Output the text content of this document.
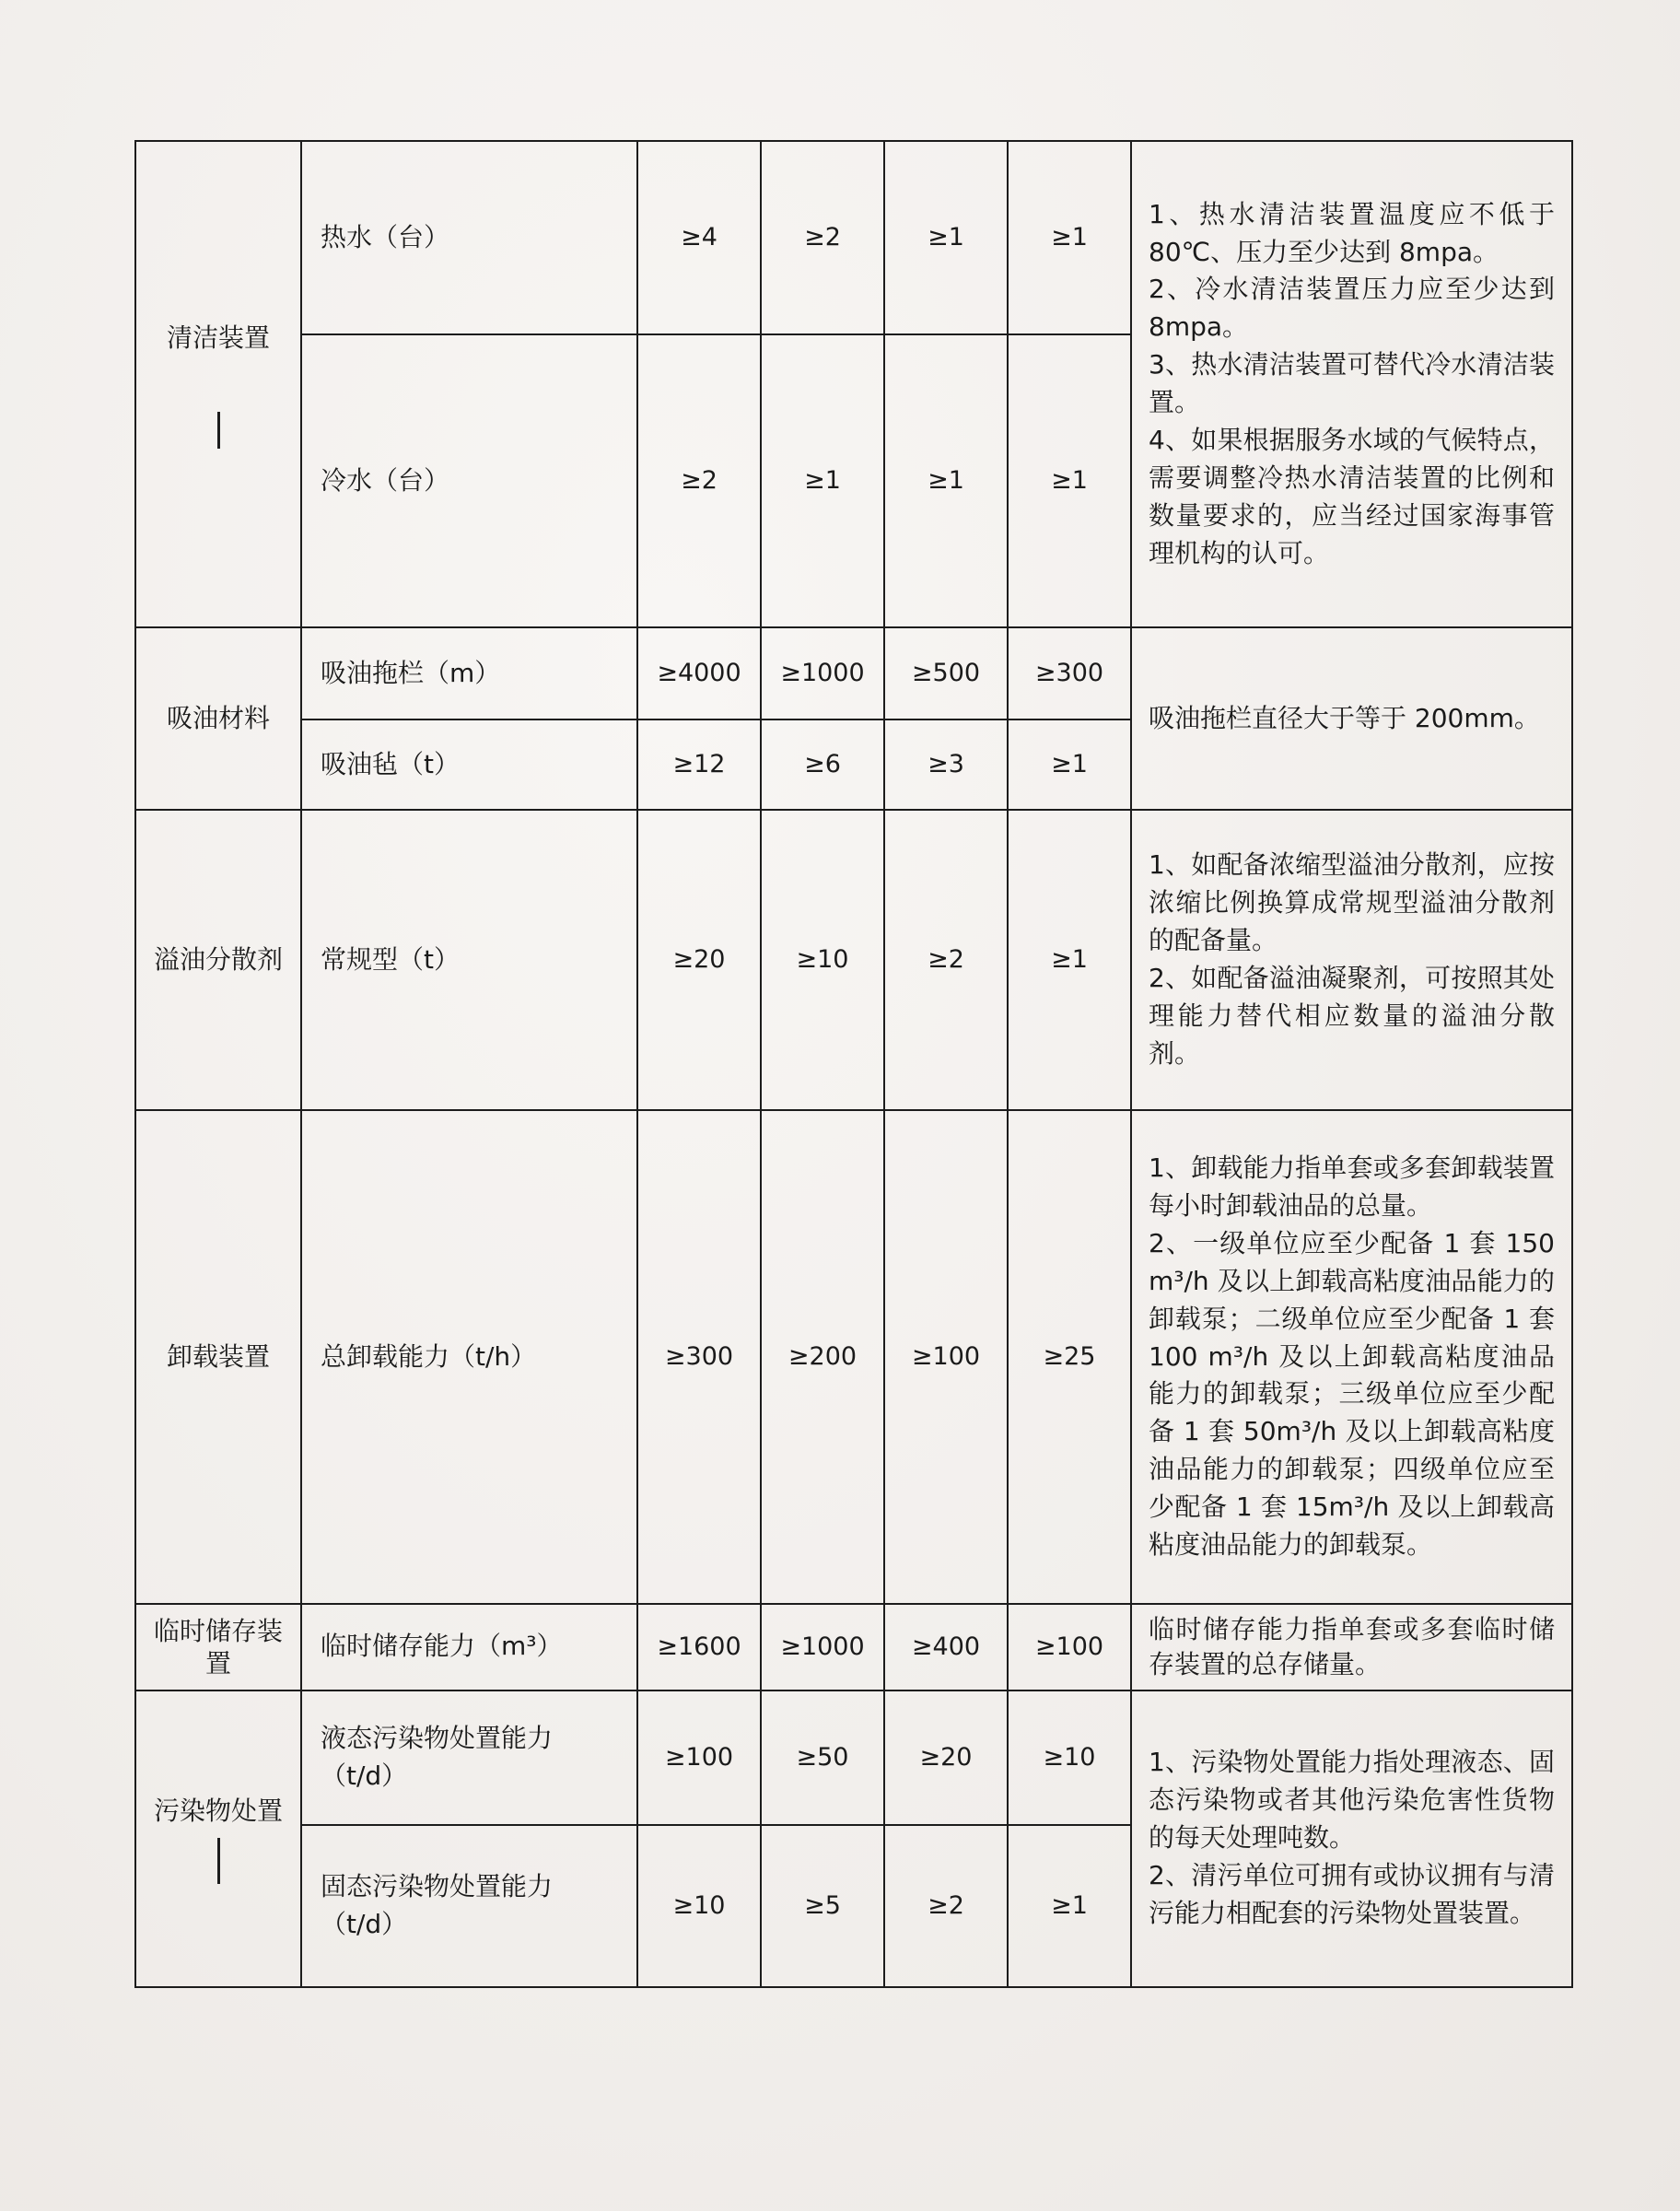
清洁装置	热水（台）	≥4	≥2	≥1	≥1	1、热水清洁装置温度应不低于80℃、压力至少达到 8mpa。
2、冷水清洁装置压力应至少达到 8mpa。
3、热水清洁装置可替代冷水清洁装置。
4、如果根据服务水域的气候特点，需要调整冷热水清洁装置的比例和数量要求的，应当经过国家海事管理机构的认可。

	冷水（台）	≥2	≥1	≥1	≥1	

吸油材料	吸油拖栏（m）	≥4000	≥1000	≥500	≥300	吸油拖栏直径大于等于 200mm。

	吸油毡（t）	≥12	≥6	≥3	≥1	

溢油分散剂	常规型（t）	≥20	≥10	≥2	≥1	1、如配备浓缩型溢油分散剂，应按浓缩比例换算成常规型溢油分散剂的配备量。
2、如配备溢油凝聚剂，可按照其处理能力替代相应数量的溢油分散剂。

卸载装置	总卸载能力（t/h）	≥300	≥200	≥100	≥25	1、卸载能力指单套或多套卸载装置每小时卸载油品的总量。
2、一级单位应至少配备 1 套 150 m³/h 及以上卸载高粘度油品能力的卸载泵；二级单位应至少配备 1 套 100 m³/h 及以上卸载高粘度油品能力的卸载泵；三级单位应至少配备 1 套 50m³/h 及以上卸载高粘度油品能力的卸载泵；四级单位应至少配备 1 套 15m³/h 及以上卸载高粘度油品能力的卸载泵。

临时储存装置	临时储存能力（m³）	≥1600	≥1000	≥400	≥100	临时储存能力指单套或多套临时储存装置的总存储量。

污染物处置	液态污染物处置能力（t/d）	≥100	≥50	≥20	≥10	1、污染物处置能力指处理液态、固态污染物或者其他污染危害性货物的每天处理吨数。
2、清污单位可拥有或协议拥有与清污能力相配套的污染物处置装置。

	固态污染物处置能力（t/d）	≥10	≥5	≥2	≥1	
